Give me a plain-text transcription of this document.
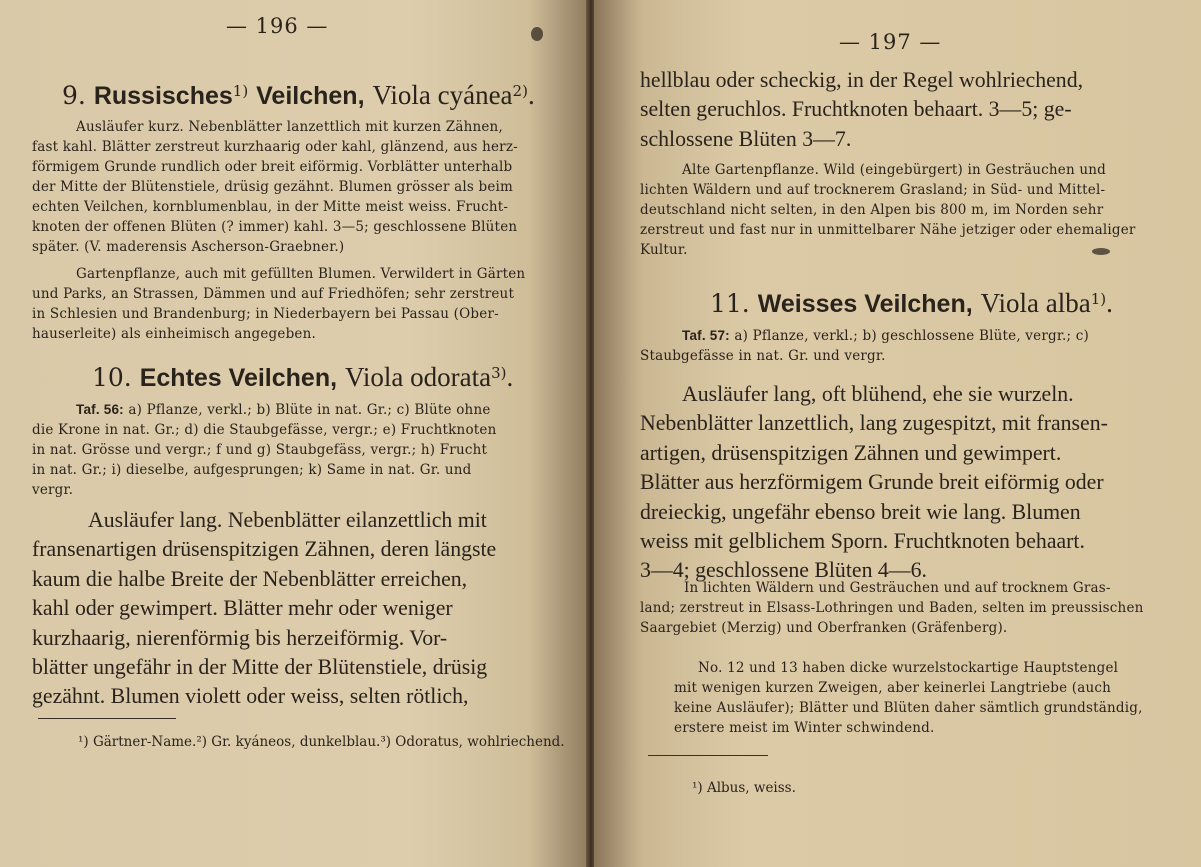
— 196 —
9. Russisches$^{1)}$ Veilchen, Viola cyánea$^{2)}$.
Ausläufer kurz. Nebenblätter lanzettlich mit kurzen Zähnen,
fast kahl. Blätter zerstreut kurzhaarig oder kahl, glänzend, aus herz-
förmigem Grunde rundlich oder breit eiförmig. Vorblätter unterhalb
der Mitte der Blütenstiele, drüsig gezähnt. Blumen grösser als beim
echten Veilchen, kornblumenblau, in der Mitte meist weiss. Frucht-
knoten der offenen Blüten (? immer) kahl. 3—5; geschlossene Blüten
später. (V. maderensis Ascherson-Graebner.)
Gartenpflanze, auch mit gefüllten Blumen. Verwildert in Gärten
und Parks, an Strassen, Dämmen und auf Friedhöfen; sehr zerstreut
in Schlesien und Brandenburg; in Niederbayern bei Passau (Ober-
hauserleite) als einheimisch angegeben.
10. Echtes Veilchen, Viola odorata$^{3)}$.
Taf. 56: a) Pflanze, verkl.; b) Blüte in nat. Gr.; c) Blüte ohne
die Krone in nat. Gr.; d) die Staubgefässe, vergr.; e) Fruchtknoten
in nat. Grösse und vergr.; f und g) Staubgefäss, vergr.; h) Frucht
in nat. Gr.; i) dieselbe, aufgesprungen; k) Same in nat. Gr. und
vergr.
Ausläufer lang. Nebenblätter eilanzettlich mit
fransenartigen drüsenspitzigen Zähnen, deren längste
kaum die halbe Breite der Nebenblätter erreichen,
kahl oder gewimpert. Blätter mehr oder weniger
kurzhaarig, nierenförmig bis herzeiförmig. Vor-
blätter ungefähr in der Mitte der Blütenstiele, drüsig
gezähnt. Blumen violett oder weiss, selten rötlich,
¹) Gärtner-Name.²) Gr. kyáneos, dunkelblau.³) Odoratus, wohlriechend.
— 197 —
hellblau oder scheckig, in der Regel wohlriechend,
selten geruchlos. Fruchtknoten behaart. 3—5; ge-
schlossene Blüten 3—7.
Alte Gartenpflanze. Wild (eingebürgert) in Gesträuchen und
lichten Wäldern und auf trocknerem Grasland; in Süd- und Mittel-
deutschland nicht selten, in den Alpen bis 800 m, im Norden sehr
zerstreut und fast nur in unmittelbarer Nähe jetziger oder ehemaliger
Kultur.
11. Weisses Veilchen, Viola alba$^{1)}$.
Taf. 57: a) Pflanze, verkl.; b) geschlossene Blüte, vergr.; c)
Staubgefässe in nat. Gr. und vergr.
Ausläufer lang, oft blühend, ehe sie wurzeln.
Nebenblätter lanzettlich, lang zugespitzt, mit fransen-
artigen, drüsenspitzigen Zähnen und gewimpert.
Blätter aus herzförmigem Grunde breit eiförmig oder
dreieckig, ungefähr ebenso breit wie lang. Blumen
weiss mit gelblichem Sporn. Fruchtknoten behaart.
3—4; geschlossene Blüten 4—6.
In lichten Wäldern und Gesträuchen und auf trocknem Gras-
land; zerstreut in Elsass-Lothringen und Baden, selten im preussischen
Saargebiet (Merzig) und Oberfranken (Gräfenberg).
No. 12 und 13 haben dicke wurzelstockartige Hauptstengel
mit wenigen kurzen Zweigen, aber keinerlei Langtriebe (auch
keine Ausläufer); Blätter und Blüten daher sämtlich grundständig,
erstere meist im Winter schwindend.
¹) Albus, weiss.
